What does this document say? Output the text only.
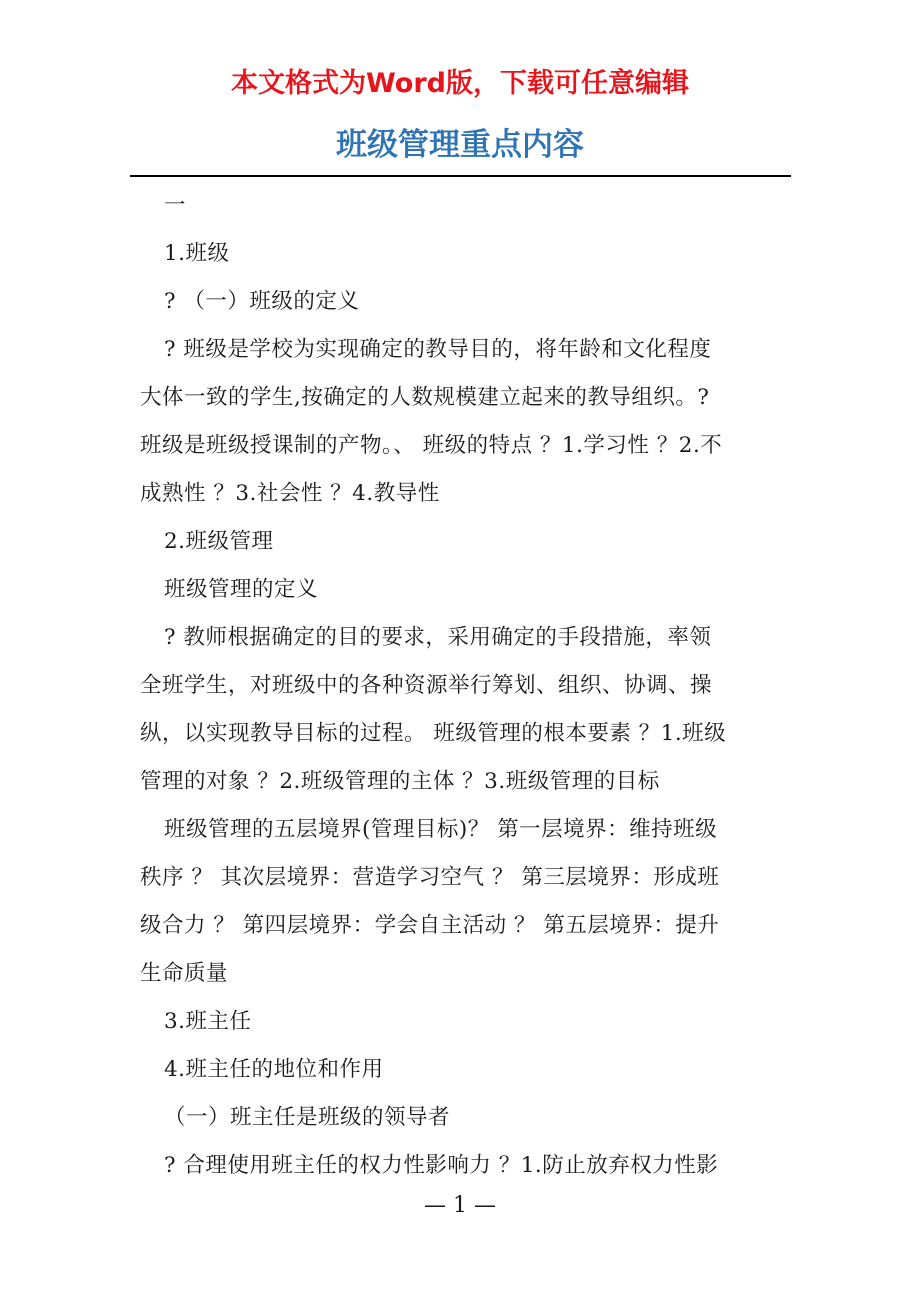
本文格式为Word版，下载可任意编辑
班级管理重点内容

一

1.班级

? （一）班级的定义

? 班级是学校为实现确定的教导目的，将年龄和文化程度

大体一致的学生,按确定的人数规模建立起来的教导组织。?

班级是班级授课制的产物。、 班级的特点 ？1.学习性 ？2.不

成熟性 ？3.社会性 ？4.教导性

2.班级管理

班级管理的定义

? 教师根据确定的目的要求，采用确定的手段措施，率领

全班学生，对班级中的各种资源举行筹划、组织、协调、操

纵，以实现教导目标的过程。 班级管理的根本要素 ？1.班级

管理的对象 ？2.班级管理的主体 ？3.班级管理的目标

班级管理的五层境界(管理目标)？ 第一层境界：维持班级

秩序 ？ 其次层境界：营造学习空气 ？ 第三层境界：形成班

级合力 ？ 第四层境界：学会自主活动 ？ 第五层境界：提升

生命质量

3.班主任

4.班主任的地位和作用

（一）班主任是班级的领导者

? 合理使用班主任的权力性影响力 ？1.防止放弃权力性影

— 1 —
